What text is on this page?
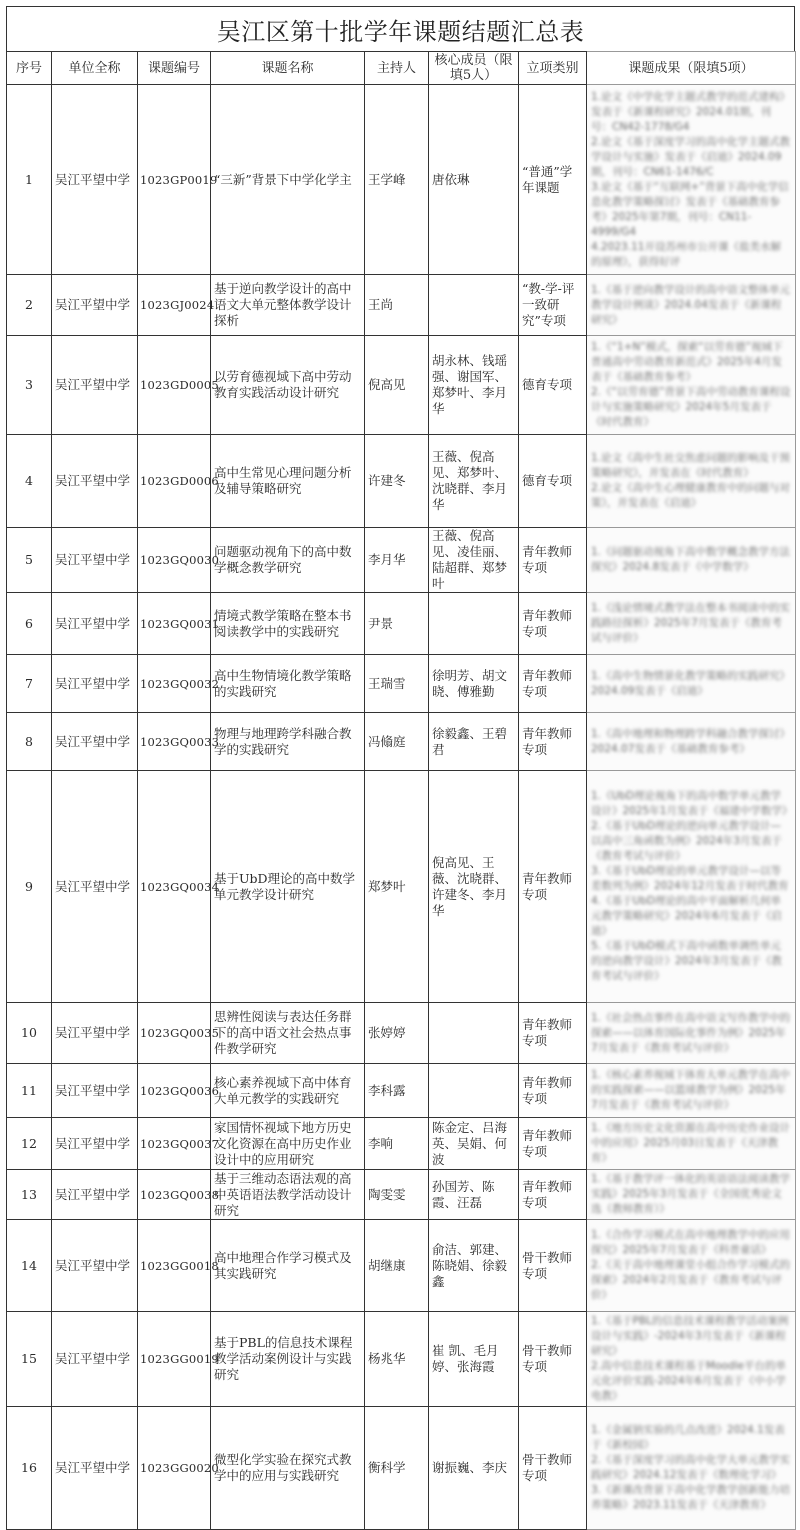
吴江区第十批学年课题结题汇总表
序号	单位全称	课题编号	课题名称	主持人	核心成员（限填5人）	立项类别	课题成果（限填5项）
1	吴江平望中学	1023GP0019	“三新”背景下中学化学主	王学峰	唐依琳	“普通”学年课题	1.论文《中学化学主题式教学的范式建构》发表于《新课程研究》2024.01期，刊号：CN42-1778/G4
2.论文《基于深度学习的高中化学主题式教学设计与实施》发表于《启迪》2024.09期，刊号：CN61-1476/C
3.论文《基于“互联网+”背景下高中化学信息化教学策略探讨》发表于《基础教育参考》2025年第7期，刊号：CN11-4999/G4
4.2023.11开设苏州市公开课《盐类水解的原理》，获得好评

2	吴江平望中学	1023GJ0024	基于逆向教学设计的高中语文大单元整体教学设计探析	王尚		“教-学-评一致研究”专项	1.《基于逆向教学设计的高中语文整体单元教学设计例谈》2024.04发表于《新课程研究》

3	吴江平望中学	1023GD0005	以劳育德视域下高中劳动教育实践活动设计研究	倪高见	胡永林、钱瑶强、谢国军、郑梦叶、李月华	德育专项	1.《“1+N”模式，探索“以劳育德”视域下普通高中劳动教育新范式》2025年4月发表于《基础教育参考》
2.《“以劳育德”背景下高中劳动教育课程设计与实施策略研究》2024年5月发表于《时代教育》

4	吴江平望中学	1023GD0006	高中生常见心理问题分析及辅导策略研究	许建冬	王薇、倪高见、郑梦叶、沈晓群、李月华	德育专项	1.论文《高中生社交焦虑问题的影响及干预策略研究》，并发表在《时代教育》
2.论文《高中生心理健康教育中的问题与对策》，并发表在《启迪》

5	吴江平望中学	1023GQ0030	问题驱动视角下的高中数学概念教学研究	李月华	王薇、倪高见、凌佳丽、陆超群、郑梦叶	青年教师专项	1.《问题驱动视角下高中数学概念教学方法探究》2024.8发表于《中学数学》

6	吴江平望中学	1023GQ0031	情境式教学策略在整本书阅读教学中的实践研究	尹景		青年教师专项	1.《浅论情境式教学法在整本书阅读中的实践路径探析》2025年7月发表于《教育考试与评价》

7	吴江平望中学	1023GQ0032	高中生物情境化教学策略的实践研究	王瑞雪	徐明芳、胡文晓、傅雅勤	青年教师专项	1.《高中生物情景化教学策略的实践研究》2024.09发表于《启迪》

8	吴江平望中学	1023GQ0033	物理与地理跨学科融合教学的实践研究	冯翛庭	徐毅鑫、王碧君	青年教师专项	1.《高中地理和物理跨学科融合教学探讨》2024.07发表于《基础教育参考》

9	吴江平望中学	1023GQ0034	基于UbD理论的高中数学单元教学设计研究	郑梦叶	倪高见、王薇、沈晓群、许建冬、李月华	青年教师专项	1.《UbD理论视角下的高中数学单元教学设计》2025年1月发表于《福建中学数学》
2.《基于UbD理论的逆向单元教学设计—以高中三角函数为例》2024年3月发表于《教育考试与评价》
3.《基于UbD理论的单元教学设计—以等差数列为例》2024年12月发表于时代教育
4.《基于UbD理论的高中平面解析几何单元教学策略研究》2024年6月发表于《启迪》
5.《基于UbD模式下高中函数单调性单元的逆向教学设计》2024年3月发表于《教育考试与评价》

10	吴江平望中学	1023GQ0035	思辨性阅读与表达任务群下的高中语文社会热点事件教学研究	张婷婷		青年教师专项	1.《社会热点事件在高中语文写作教学中的探索——以体育国际化事件为例》2025年7月发表于《教育考试与评价》

11	吴江平望中学	1023GQ0036	核心素养视域下高中体育大单元教学的实践研究	李科露		青年教师专项	1.《核心素养视域下体育大单元教学在高中的实践探索——以篮球教学为例》2025年7月发表于《教育考试与评价》

12	吴江平望中学	1023GQ0037	家国情怀视域下地方历史文化资源在高中历史作业设计中的应用研究	李响	陈金定、吕海英、吴娟、何波	青年教师专项	1.《地方历史文化资源在高中历史作业设计中的应用》2025月03日发表于《天津教育》

13	吴江平望中学	1023GQ0038	基于三维动态语法观的高中英语语法教学活动设计研究	陶雯雯	孙国芳、陈霞、汪磊	青年教师专项	1.《基于教学评一体化的英语语法阅读教学实践》2025年3月发表于《全国优秀论文选（教师教育）》

14	吴江平望中学	1023GG0018	高中地理合作学习模式及其实践研究	胡继康	俞洁、郭建、陈晓娟、徐毅鑫	骨干教师专项	1.《合作学习模式在高中地理教学中的应用探究》2025年7月发表于《科普童话》
2.《关于高中地理课堂小组合作学习模式的探索》2024年2月发表于《教育考试与评价》

15	吴江平望中学	1023GG0019	基于PBL的信息技术课程教学活动案例设计与实践研究	杨兆华	崔 凯、毛月婷、张海霞	骨干教师专项	1.《基于PBL的信息技术课程教学活动案例设计与实践》-2024年3月发表于《新课程研究》
2.高中信息技术课程基于Moodle平台的单元化评价实践-2024年6月发表于《中小学电教》

16	吴江平望中学	1023GG0020	微型化学实验在探究式教学中的应用与实践研究	衡科学	谢振巍、李庆	骨干教师专项	1.《金属钠实验的几点改进》2024.1发表于《新校园》
2.《基于深度学习的高中化学大单元教学实践研究》2024.12发表于《数理化学习》
3.《新课改背景下高中化学教学创新能力培养策略》2023.11发表于《天津教育》
